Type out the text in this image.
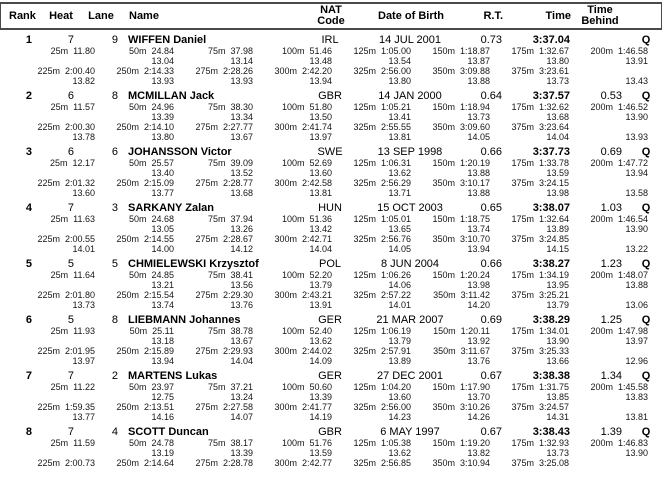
Rank	Heat	Lane	Name	NAT
Code	Date of Birth	R.T.	Time	Time
Behind
1	7	9 WIFFEN Daniel	IRL	14 JUL 2001	0.73	3:37.04	Q
25m 11.80	50m 24.84	75m 37.98	100m 51.46	125m 1:05.00	150m 1:18.87	175m 1:32.67	200m 1:46.58
13.04	13.14	13.48	13.54	13.87	13.80	13.91
225m 2:00.40	250m 2:14.33	275m 2:28.26	300m 2:42.20	325m 2:56.00	350m 3:09.88	375m 3:23.61
13.82	13.93	13.93	13.94	13.80	13.88	13.73	13.43
2	6	8 MCMILLAN Jack	GBR	14 JAN 2000	0.64	3:37.57	0.53	Q
25m 11.57	50m 24.96	75m 38.30	100m 51.80	125m 1:05.21	150m 1:18.94	175m 1:32.62	200m 1:46.52
13.39	13.34	13.50	13.41	13.73	13.68	13.90
225m 2:00.30	250m 2:14.10	275m 2:27.77	300m 2:41.74	325m 2:55.55	350m 3:09.60	375m 3:23.64
13.78	13.80	13.67	13.97	13.81	14.05	14.04	13.93
3	6	6 JOHANSSON Victor	SWE	13 SEP 1998	0.66	3:37.73	0.69	Q
25m 12.17	50m 25.57	75m 39.09	100m 52.69	125m 1:06.31	150m 1:20.19	175m 1:33.78	200m 1:47.72
13.40	13.52	13.60	13.62	13.88	13.59	13.94
225m 2:01.32	250m 2:15.09	275m 2:28.77	300m 2:42.58	325m 2:56.29	350m 3:10.17	375m 3:24.15
13.60	13.77	13.68	13.81	13.71	13.88	13.98	13.58
4	7	3 SARKANY Zalan	HUN	15 OCT 2003	0.65	3:38.07	1.03	Q
25m 11.63	50m 24.68	75m 37.94	100m 51.36	125m 1:05.01	150m 1:18.75	175m 1:32.64	200m 1:46.54
13.05	13.26	13.42	13.65	13.74	13.89	13.90
225m 2:00.55	250m 2:14.55	275m 2:28.67	300m 2:42.71	325m 2:56.76	350m 3:10.70	375m 3:24.85
14.01	14.00	14.12	14.04	14.05	13.94	14.15	13.22
5	5	5 CHMIELEWSKI Krzysztof	POL	8 JUN 2004	0.66	3:38.27	1.23	Q
25m 11.64	50m 24.85	75m 38.41	100m 52.20	125m 1:06.26	150m 1:20.24	175m 1:34.19	200m 1:48.07
13.21	13.56	13.79	14.06	13.98	13.95	13.88
225m 2:01.80	250m 2:15.54	275m 2:29.30	300m 2:43.21	325m 2:57.22	350m 3:11.42	375m 3:25.21
13.73	13.74	13.76	13.91	14.01	14.20	13.79	13.06
6	5	8 LIEBMANN Johannes	GER	21 MAR 2007	0.69	3:38.29	1.25	Q
25m 11.93	50m 25.11	75m 38.78	100m 52.40	125m 1:06.19	150m 1:20.11	175m 1:34.01	200m 1:47.98
13.18	13.67	13.62	13.79	13.92	13.90	13.97
225m 2:01.95	250m 2:15.89	275m 2:29.93	300m 2:44.02	325m 2:57.91	350m 3:11.67	375m 3:25.33
13.97	13.94	14.04	14.09	13.89	13.76	13.66	12.96
7	7	2 MARTENS Lukas	GER	27 DEC 2001	0.67	3:38.38	1.34	Q
25m 11.22	50m 23.97	75m 37.21	100m 50.60	125m 1:04.20	150m 1:17.90	175m 1:31.75	200m 1:45.58
12.75	13.24	13.39	13.60	13.70	13.85	13.83
225m 1:59.35	250m 2:13.51	275m 2:27.58	300m 2:41.77	325m 2:56.00	350m 3:10.26	375m 3:24.57
13.77	14.16	14.07	14.19	14.23	14.26	14.31	13.81
8	7	4 SCOTT Duncan	GBR	6 MAY 1997	0.67	3:38.43	1.39	Q
25m 11.59	50m 24.78	75m 38.17	100m 51.76	125m 1:05.38	150m 1:19.20	175m 1:32.93	200m 1:46.83
13.19	13.39	13.59	13.62	13.82	13.73	13.90
225m 2:00.73	250m 2:14.64	275m 2:28.78	300m 2:42.77	325m 2:56.85	350m 3:10.94	375m 3:25.08
